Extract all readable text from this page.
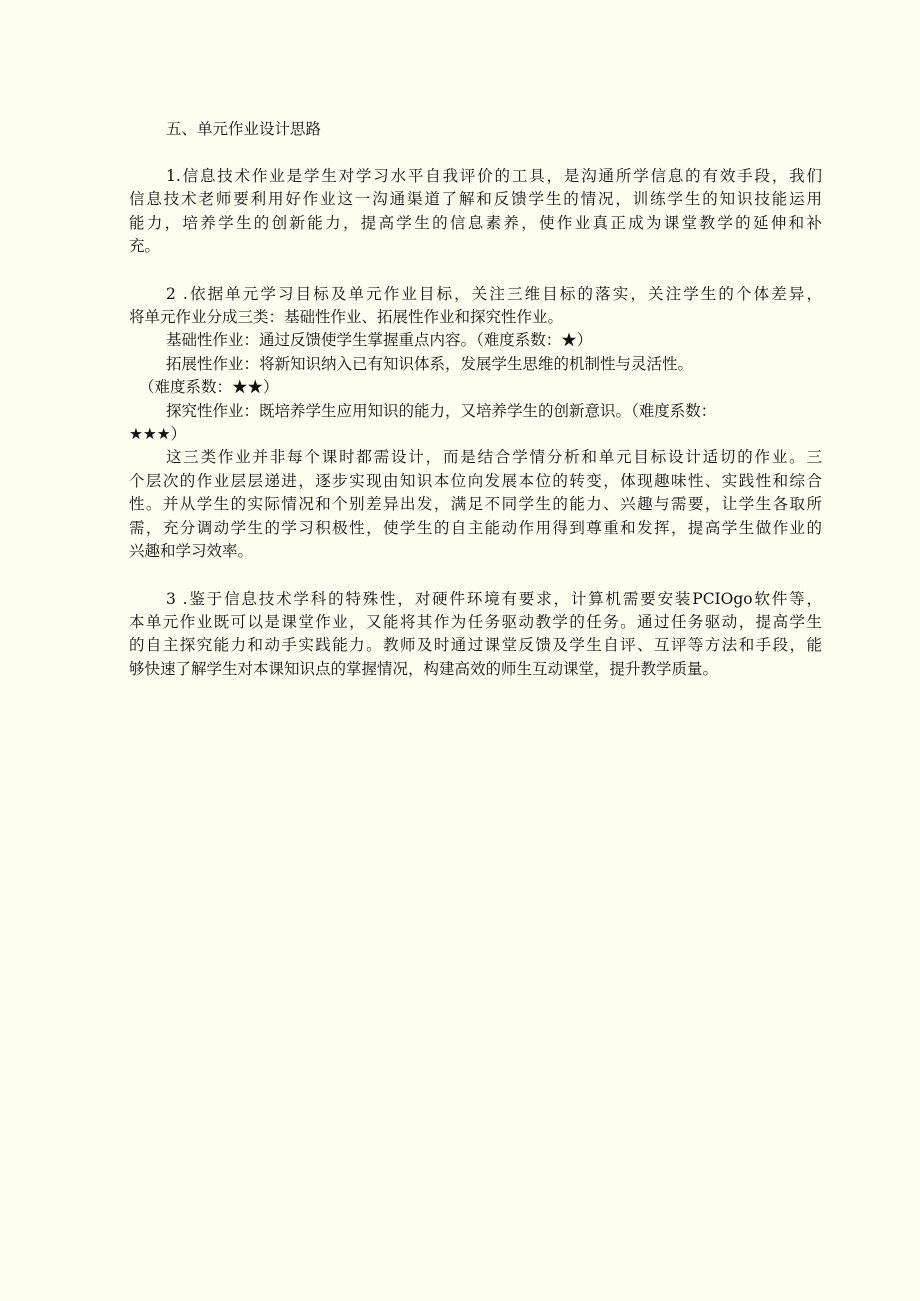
五、单元作业设计思路
1.信息技术作业是学生对学习水平自我评价的工具，是沟通所学信息的有效手段，我们
信息技术老师要利用好作业这一沟通渠道了解和反馈学生的情况，训练学生的知识技能运用
能力，培养学生的创新能力，提高学生的信息素养，使作业真正成为课堂教学的延伸和补
充。
2 .依据单元学习目标及单元作业目标，关注三维目标的落实，关注学生的个体差异，
将单元作业分成三类：基础性作业、拓展性作业和探究性作业。
基础性作业：通过反馈使学生掌握重点内容。（难度系数：★）
拓展性作业：将新知识纳入已有知识体系，发展学生思维的机制性与灵活性。
（难度系数：★★）
探究性作业：既培养学生应用知识的能力，又培养学生的创新意识。（难度系数：
★★★）
这三类作业并非每个课时都需设计，而是结合学情分析和单元目标设计适切的作业。三
个层次的作业层层递进，逐步实现由知识本位向发展本位的转变，体现趣味性、实践性和综合
性。并从学生的实际情况和个别差异出发，满足不同学生的能力、兴趣与需要，让学生各取所
需，充分调动学生的学习积极性，使学生的自主能动作用得到尊重和发挥，提高学生做作业的
兴趣和学习效率。
3 .鉴于信息技术学科的特殊性，对硬件环境有要求，计算机需要安装PCIOgo软件等，
本单元作业既可以是课堂作业，又能将其作为任务驱动教学的任务。通过任务驱动，提高学生
的自主探究能力和动手实践能力。教师及时通过课堂反馈及学生自评、互评等方法和手段，能
够快速了解学生对本课知识点的掌握情况，构建高效的师生互动课堂，提升教学质量。
